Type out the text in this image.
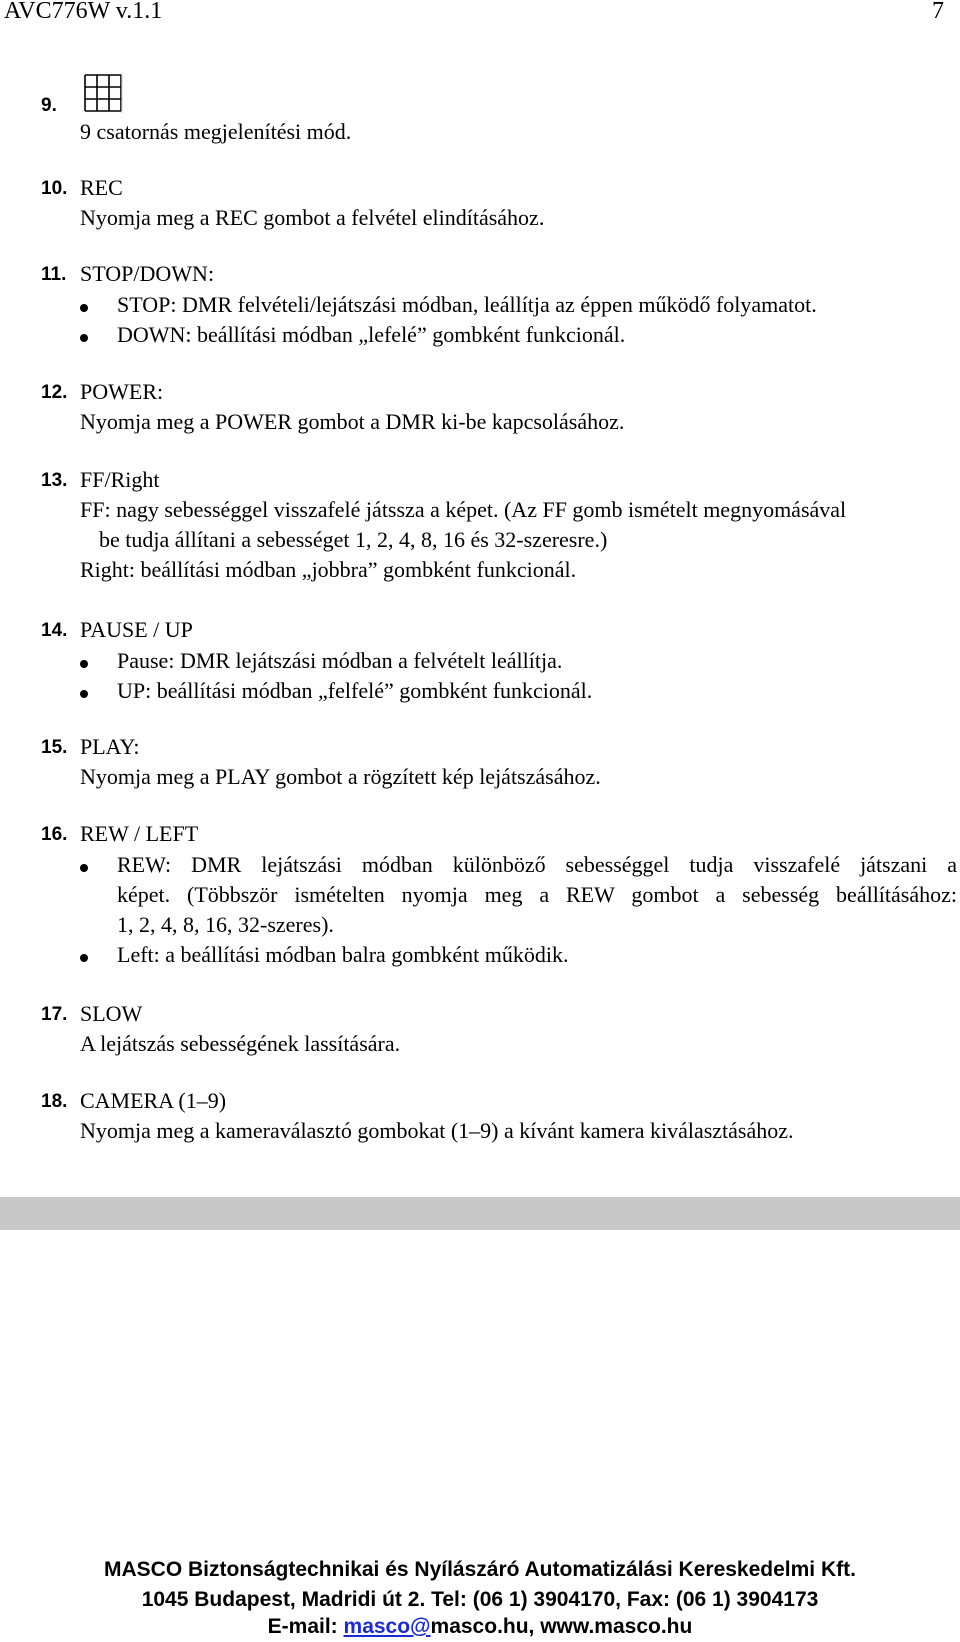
AVC776W v.1.1	7
9.
9 csatornás megjelenítési mód.
10. REC
Nyomja meg a REC gombot a felvétel elindításához.
11. STOP/DOWN:
STOP: DMR felvételi/lejátszási módban, leállítja az éppen működő folyamatot.
DOWN: beállítási módban „lefelé” gombként funkcionál.
12. POWER:
Nyomja meg a POWER gombot a DMR ki-be kapcsolásához.
13. FF/Right
FF: nagy sebességgel visszafelé játssza a képet. (Az FF gomb ismételt megnyomásával
be tudja állítani a sebességet 1, 2, 4, 8, 16 és 32-szeresre.)
Right: beállítási módban „jobbra” gombként funkcionál.
14. PAUSE / UP
Pause: DMR lejátszási módban a felvételt leállítja.
UP: beállítási módban „felfelé” gombként funkcionál.
15. PLAY:
Nyomja meg a PLAY gombot a rögzített kép lejátszásához.
16. REW / LEFT
REW: DMR lejátszási módban különböző sebességgel tudja visszafelé játszani a
képet. (Többször ismételten nyomja meg a REW gombot a sebesség beállításához:
1, 2, 4, 8, 16, 32-szeres).
Left: a beállítási módban balra gombként működik.
17. SLOW
A lejátszás sebességének lassítására.
18. CAMERA (1–9)
Nyomja meg a kameraválasztó gombokat (1–9) a kívánt kamera kiválasztásához.
MASCO Biztonságtechnikai és Nyílászáró Automatizálási Kereskedelmi Kft.
1045 Budapest, Madridi út 2. Tel: (06 1) 3904170, Fax: (06 1) 3904173
E-mail: masco@masco.hu, www.masco.hu
